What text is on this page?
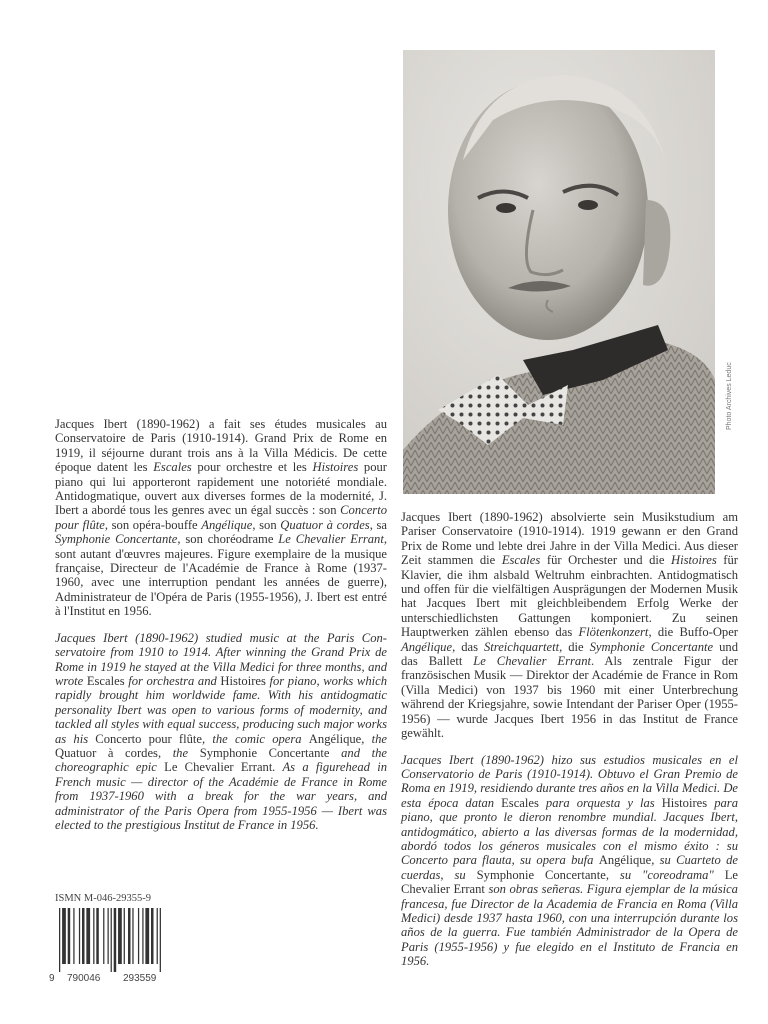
Jacques Ibert (1890-1962) a fait ses études musicales au Conservatoire de Paris (1910-1914). Grand Prix de Rome en 1919, il séjourne durant trois ans à la Villa Médicis. De cette époque datent les Escales pour orchestre et les Histoires pour piano qui lui apporteront rapidement une notoriété mondiale. Antidogmatique, ouvert aux diverses formes de la modernité, J. Ibert a abordé tous les genres avec un égal succès : son Concerto pour flûte, son opéra-bouffe Angélique, son Quatuor à cordes, sa Symphonie Concertante, son choréodrame Le Chevalier Errant, sont autant d'œuvres majeures. Figure exemplaire de la musique française, Directeur de l'Académie de France à Rome (1937-1960, avec une interruption pendant les années de guerre), Administrateur de l'Opéra de Paris (1955-1956), J. Ibert est entré à l'Institut en 1956.
Jacques Ibert (1890-1962) studied music at the Paris Conservatoire from 1910 to 1914. After winning the Grand Prix de Rome in 1919 he stayed at the Villa Medici for three months, and wrote Escales for orchestra and Histoires for piano, works which rapidly brought him worldwide fame. With his antidogmatic personality Ibert was open to various forms of modernity, and tackled all styles with equal success, producing such major works as his Concerto pour flûte, the comic opera Angélique, the Quatuor à cordes, the Symphonie Concertante and the choreographic epic Le Chevalier Errant. As a figurehead in French music — director of the Académie de France in Rome from 1937-1960 with a break for the war years, and administrator of the Paris Opera from 1955-1956 — Ibert was elected to the prestigious Institut de France in 1956.
ISMN M-046-29355-9
9 790046 293559
Jacques Ibert (1890-1962) absolvierte sein Musikstudium am Pariser Conservatoire (1910-1914). 1919 gewann er den Grand Prix de Rome und lebte drei Jahre in der Villa Medici. Aus dieser Zeit stammen die Escales für Orchester und die Histoires für Klavier, die ihm alsbald Weltruhm einbrachten. Antidogmatisch und offen für die vielfältigen Ausprägungen der Modernen Musik hat Jacques Ibert mit gleichbleibendem Erfolg Werke der unterschiedlichsten Gattungen komponiert. Zu seinen Hauptwerken zählen ebenso das Flötenkonzert, die Buffo-Oper Angélique, das Streichquartett, die Symphonie Concertante und das Ballett Le Chevalier Errant. Als zentrale Figur der französischen Musik — Direktor der Académie de France in Rom (Villa Medici) von 1937 bis 1960 mit einer Unterbrechung während der Kriegsjahre, sowie Intendant der Pariser Oper (1955-1956) — wurde Jacques Ibert 1956 in das Institut de France gewählt.
Jacques Ibert (1890-1962) hizo sus estudios musicales en el Conservatorio de Paris (1910-1914). Obtuvo el Gran Premio de Roma en 1919, residiendo durante tres años en la Villa Medici. De esta época datan Escales para orquesta y las Histoires para piano, que pronto le dieron renombre mundial. Jacques Ibert, antidogmático, abierto a las diversas formas de la modernidad, abordó todos los géneros musicales con el mismo éxito : su Concerto para flauta, su opera bufa Angélique, su Cuarteto de cuerdas, su Symphonie Concertante, su "coreodrama" Le Chevalier Errant son obras señeras. Figura ejemplar de la música francesa, fue Director de la Academia de Francia en Roma (Villa Medici) desde 1937 hasta 1960, con una interrupción durante los años de la guerra. Fue también Administrador de la Opera de Paris (1955-1956) y fue elegido en el Instituto de Francia en 1956.
Photo Archives Leduc
